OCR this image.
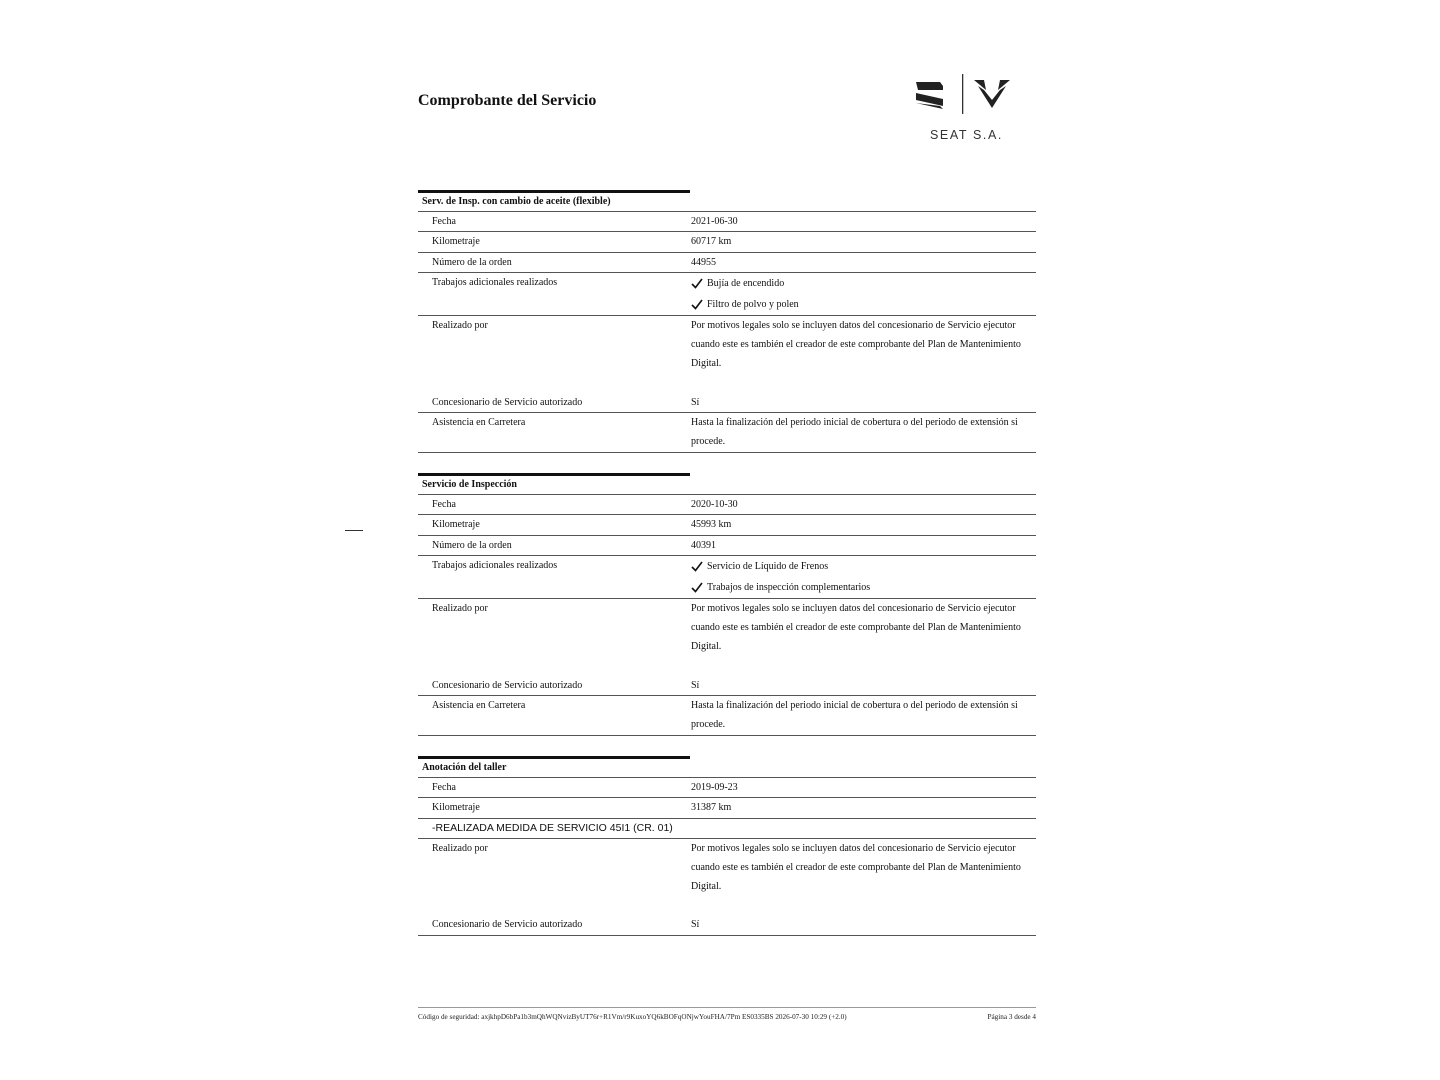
Comprobante del Servicio
SEAT S.A.
Serv. de Insp. con cambio de aceite (flexible)
Fecha	2021-06-30
Kilometraje	60717 km
Número de la orden	44955
Trabajos adicionales realizados	Bujía de encendido
Filtro de polvo y polen
Realizado por	Por motivos legales solo se incluyen datos del concesionario de Servicio ejecutor cuando este es también el creador de este comprobante del Plan de Mantenimiento Digital.
Concesionario de Servicio autorizado	Sí
Asistencia en Carretera	Hasta la finalización del periodo inicial de cobertura o del periodo de extensión si procede.
Servicio de Inspección
Fecha	2020-10-30
Kilometraje	45993 km
Número de la orden	40391
Trabajos adicionales realizados	Servicio de Líquido de Frenos
Trabajos de inspección complementarios
Realizado por	Por motivos legales solo se incluyen datos del concesionario de Servicio ejecutor cuando este es también el creador de este comprobante del Plan de Mantenimiento Digital.
Concesionario de Servicio autorizado	Sí
Asistencia en Carretera	Hasta la finalización del periodo inicial de cobertura o del periodo de extensión si procede.
Anotación del taller
Fecha	2019-09-23
Kilometraje	31387 km
-REALIZADA MEDIDA DE SERVICIO 45I1 (CR. 01)
Realizado por	Por motivos legales solo se incluyen datos del concesionario de Servicio ejecutor cuando este es también el creador de este comprobante del Plan de Mantenimiento Digital.
Concesionario de Servicio autorizado	Sí
Código de seguridad: axjkhpD6bPa1b3mQhWQNvizByUT76r+R1Vm/r9KuxoYQ6kBOFqONjwYouFHA/7Pm ES0335BS 2026-07-30 10:29 (+2.0)	Página 3 desde 4
